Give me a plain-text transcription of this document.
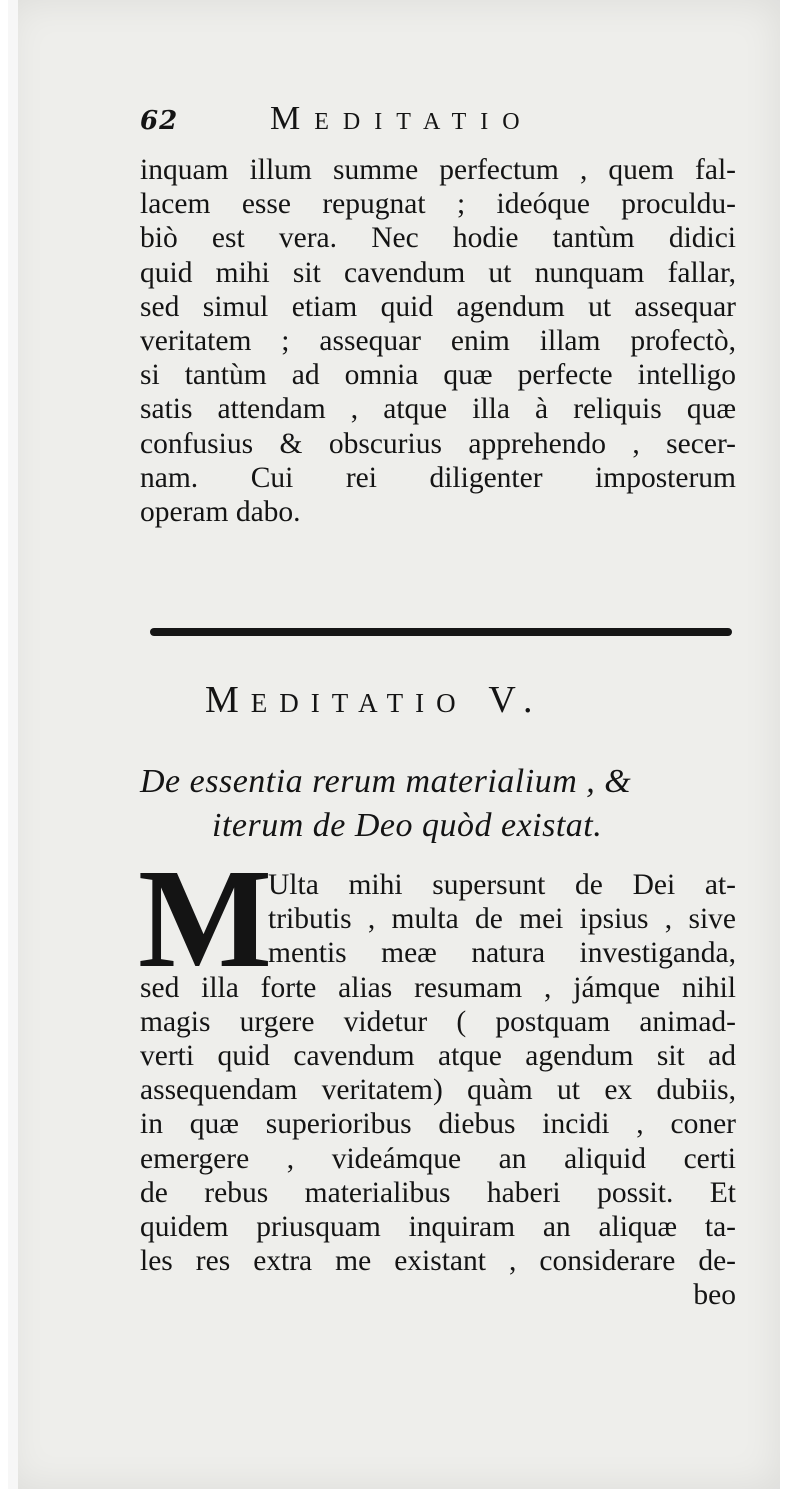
62	Meditatio
inquam illum summe perfectum , quem fal-
lacem esse repugnat ; ideóque proculdu-
biò est vera. Nec hodie tantùm didici
quid mihi sit cavendum ut nunquam fallar,
sed simul etiam quid agendum ut assequar
veritatem ; assequar enim illam profectò,
si tantùm ad omnia quæ perfecte intelligo
satis attendam , atque illa à reliquis quæ
confusius & obscurius apprehendo , secer-
nam. Cui rei diligenter imposterum
operam dabo.
Meditatio V.
De essentia rerum materialium , &
iterum de Deo quòd existat.
M
Ulta mihi supersunt de Dei at-
tributis , multa de mei ipsius , sive
mentis meæ natura investiganda,
sed illa forte alias resumam , jámque nihil
magis urgere videtur ( postquam animad-
verti quid cavendum atque agendum sit ad
assequendam veritatem) quàm ut ex dubiis,
in quæ superioribus diebus incidi , coner
emergere , videámque an aliquid certi
de rebus materialibus haberi possit. Et
quidem priusquam inquiram an aliquæ ta-
les res extra me existant , considerare de-
beo
